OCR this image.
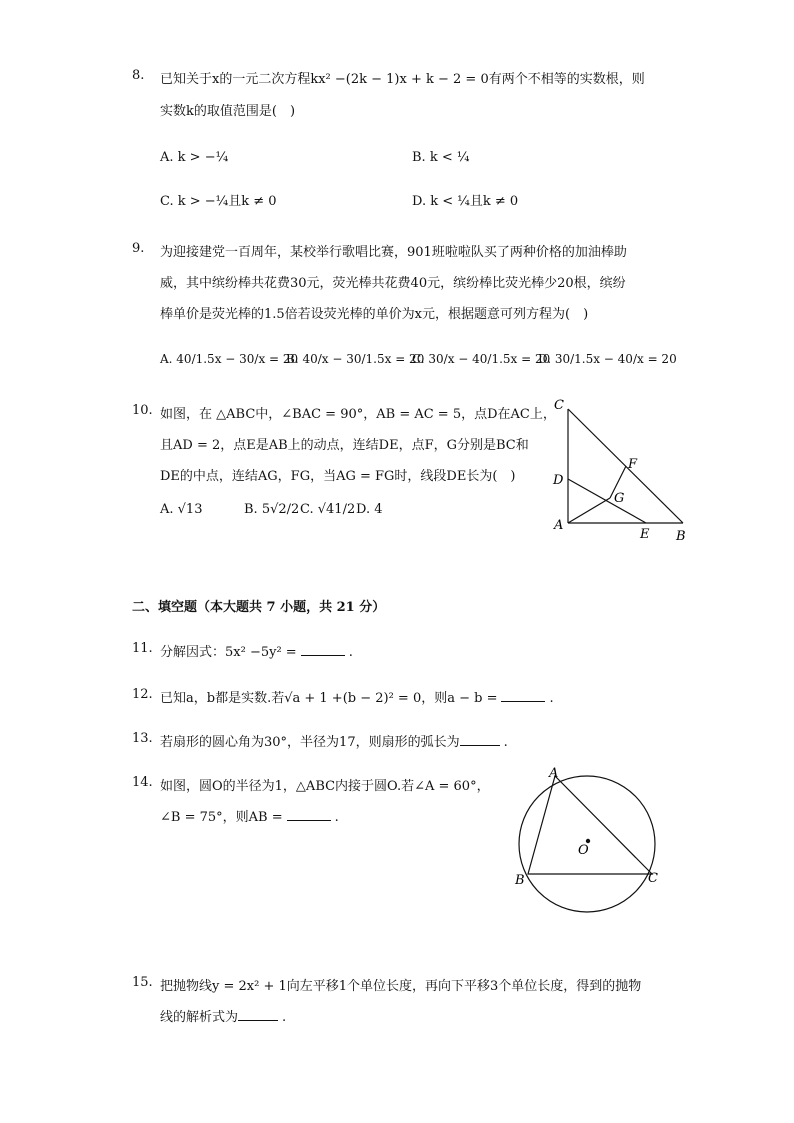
8. 已知关于x的一元二次方程kx² −(2k − 1)x + k − 2 = 0有两个不相等的实数根，则
实数k的取值范围是(　)
A. k > −¼	B. k < ¼
C. k > −¼且k ≠ 0	D. k < ¼且k ≠ 0
9. 为迎接建党一百周年，某校举行歌唱比赛，901班啦啦队买了两种价格的加油棒助
威，其中缤纷棒共花费30元，荧光棒共花费40元，缤纷棒比荧光棒少20根，缤纷
棒单价是荧光棒的1.5倍若设荧光棒的单价为x元，根据题意可列方程为(　)
A. 40/1.5x − 30/x = 20
B. 40/x − 30/1.5x = 20
C. 30/x − 40/1.5x = 20
D. 30/1.5x − 40/x = 20
10. 如图，在 △ABC中，∠BAC = 90°，AB = AC = 5，点D在AC上，
且AD = 2，点E是AB上的动点，连结DE，点F，G分别是BC和
DE的中点，连结AG，FG，当AG = FG时，线段DE长为(　)
A. √13	B. 5√2/2 C. √41/2 D. 4
C
D
A
F
G
E B
二、填空题（本大题共 7 小题，共 21 分）
11. 分解因式：5x² −5y² =	.
12. 已知a，b都是实数.若√a + 1 +(b − 2)² = 0，则a − b =	.
13. 若扇形的圆心角为30°，半径为17，则扇形的弧长为	.
14. 如图，圆O的半径为1，△ABC内接于圆O.若∠A = 60°，
∠B = 75°，则AB =	.
A
B	C
O
15. 把抛物线y = 2x² + 1向左平移1个单位长度，再向下平移3个单位长度，得到的抛物
线的解析式为	.
